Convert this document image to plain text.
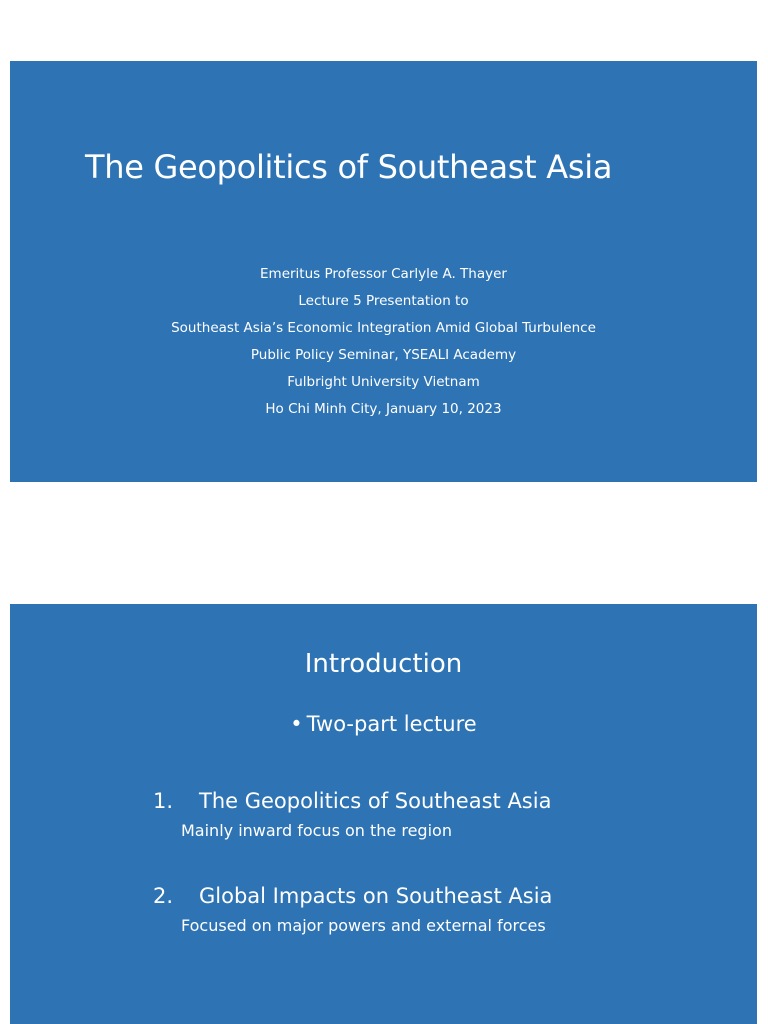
The Geopolitics of Southeast Asia
Emeritus Professor Carlyle A. Thayer
Lecture 5 Presentation to
Southeast Asia’s Economic Integration Amid Global Turbulence
Public Policy Seminar, YSEALI Academy
Fulbright University Vietnam
Ho Chi Minh City, January 10, 2023
Introduction
• Two-part lecture
1. The Geopolitics of Southeast Asia
Mainly inward focus on the region
2. Global Impacts on Southeast Asia
Focused on major powers and external forces
